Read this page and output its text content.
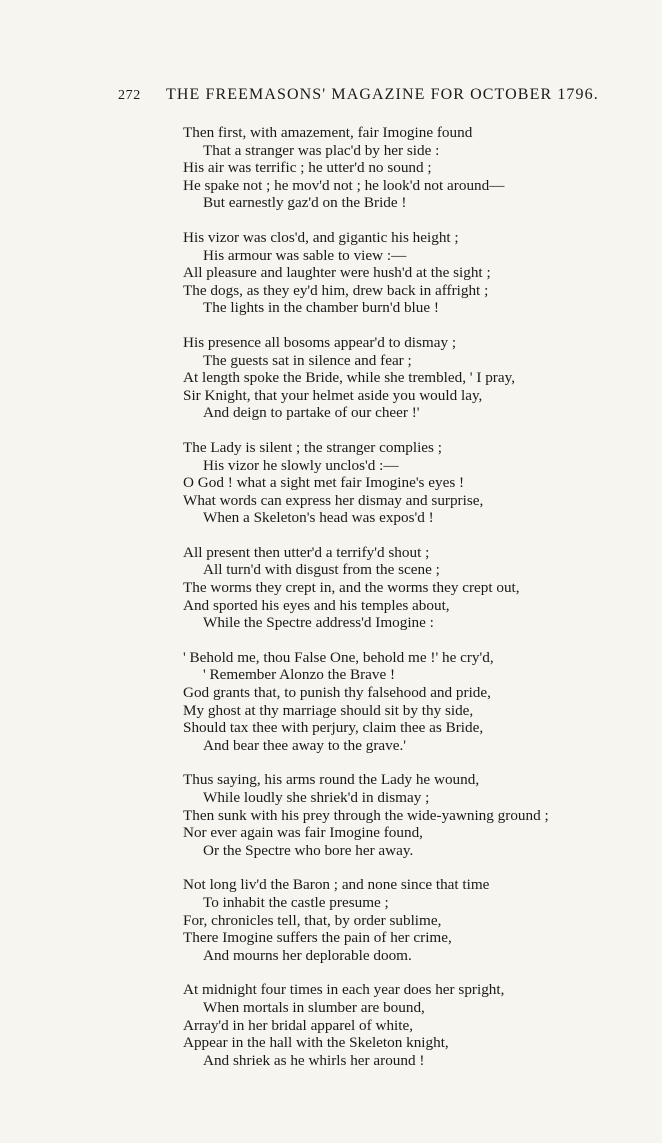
272 THE FREEMASONS' MAGAZINE FOR OCTOBER 1796.
Then first, with amazement, fair Imogine found
That a stranger was plac'd by her side :
His air was terrific ; he utter'd no sound ;
He spake not ; he mov'd not ; he look'd not around—
But earnestly gaz'd on the Bride !
His vizor was clos'd, and gigantic his height ;
His armour was sable to view :—
All pleasure and laughter were hush'd at the sight ;
The dogs, as they ey'd him, drew back in affright ;
The lights in the chamber burn'd blue !
His presence all bosoms appear'd to dismay ;
The guests sat in silence and fear ;
At length spoke the Bride, while she trembled, ' I pray,
Sir Knight, that your helmet aside you would lay,
And deign to partake of our cheer !'
The Lady is silent ; the stranger complies ;
His vizor he slowly unclos'd :—
O God ! what a sight met fair Imogine's eyes !
What words can express her dismay and surprise,
When a Skeleton's head was expos'd !
All present then utter'd a terrify'd shout ;
All turn'd with disgust from the scene ;
The worms they crept in, and the worms they crept out,
And sported his eyes and his temples about,
While the Spectre address'd Imogine :
' Behold me, thou False One, behold me !' he cry'd,
' Remember Alonzo the Brave !
God grants that, to punish thy falsehood and pride,
My ghost at thy marriage should sit by thy side,
Should tax thee with perjury, claim thee as Bride,
And bear thee away to the grave.'
Thus saying, his arms round the Lady he wound,
While loudly she shriek'd in dismay ;
Then sunk with his prey through the wide-yawning ground ;
Nor ever again was fair Imogine found,
Or the Spectre who bore her away.
Not long liv'd the Baron ; and none since that time
To inhabit the castle presume ;
For, chronicles tell, that, by order sublime,
There Imogine suffers the pain of her crime,
And mourns her deplorable doom.
At midnight four times in each year does her spright,
When mortals in slumber are bound,
Array'd in her bridal apparel of white,
Appear in the hall with the Skeleton knight,
And shriek as he whirls her around !
